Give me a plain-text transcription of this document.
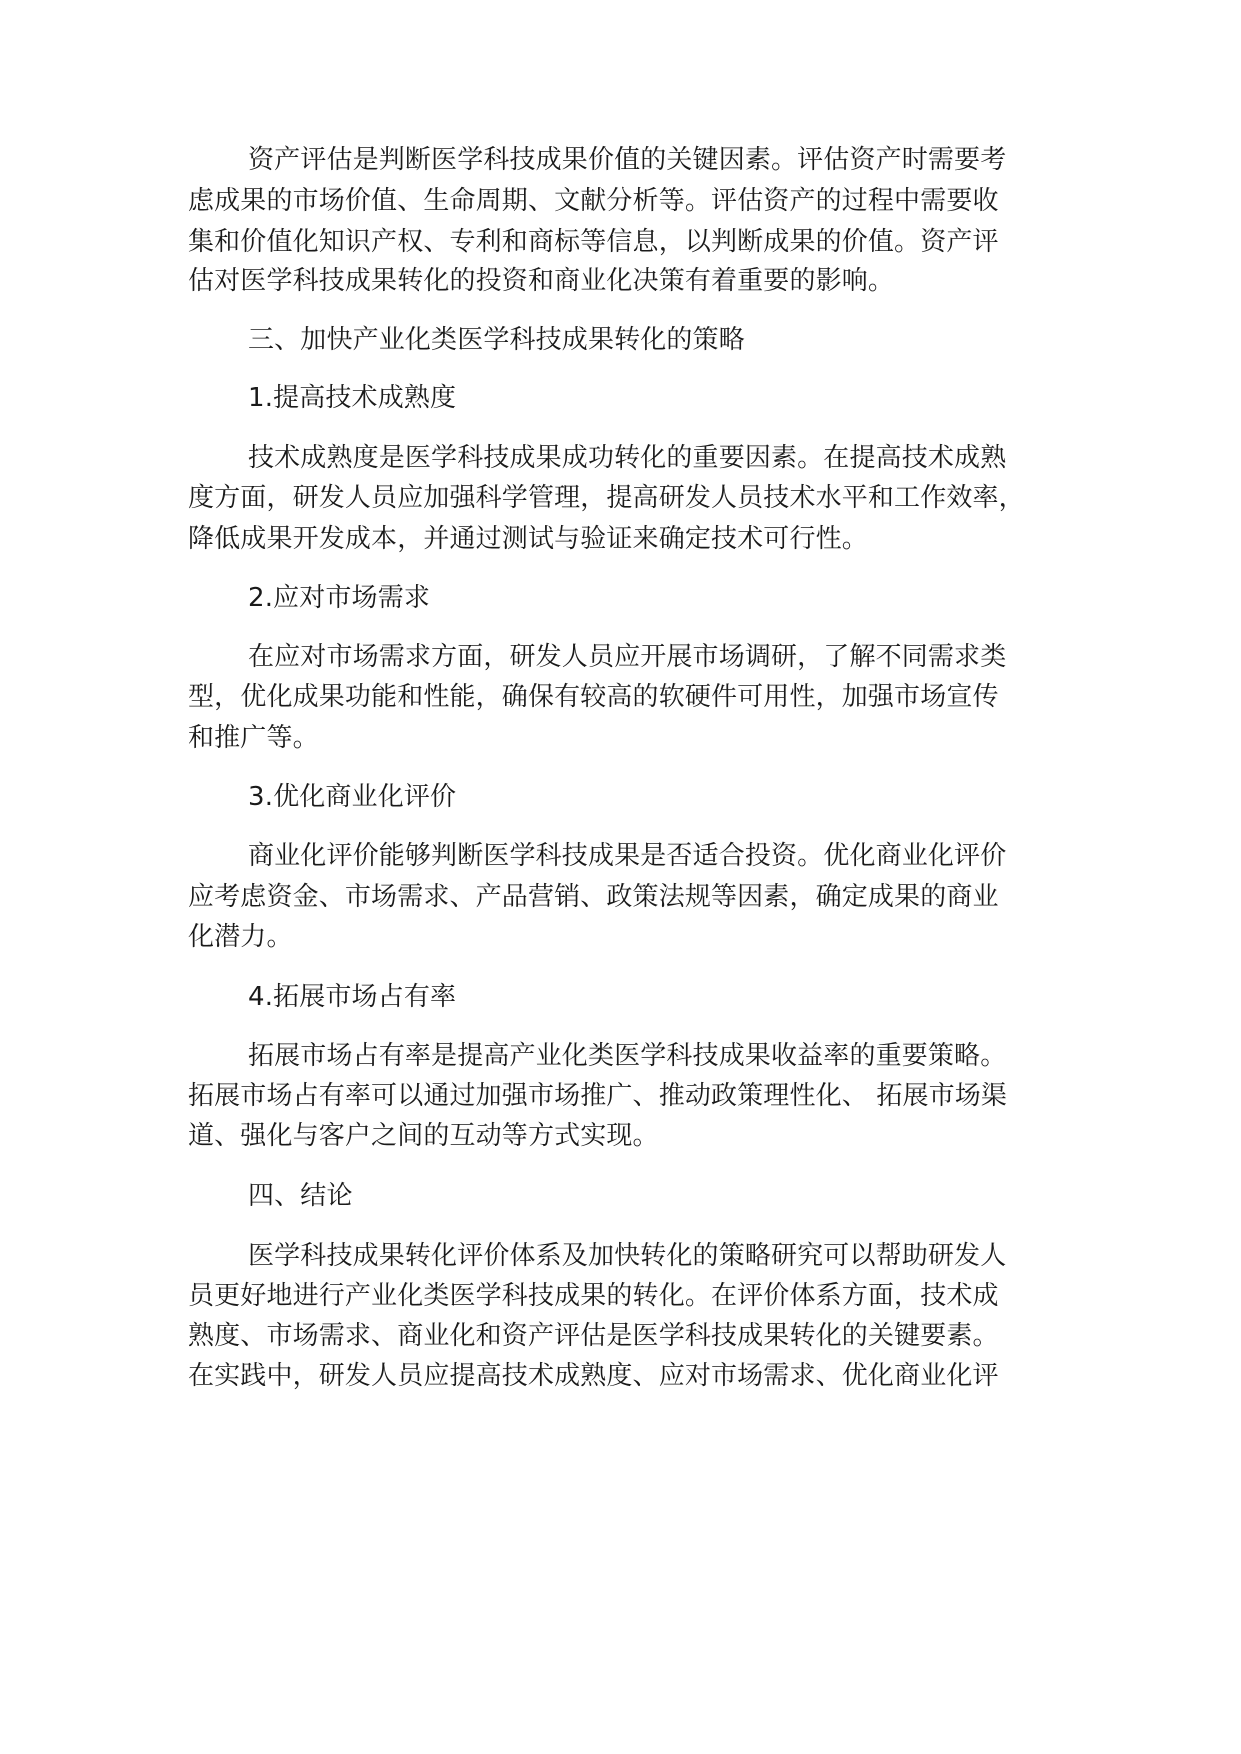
资产评估是判断医学科技成果价值的关键因素。评估资产时需要考
虑成果的市场价值、生命周期、文献分析等。评估资产的过程中需要收
集和价值化知识产权、专利和商标等信息，以判断成果的价值。资产评
估对医学科技成果转化的投资和商业化决策有着重要的影响。
三、加快产业化类医学科技成果转化的策略
1.提高技术成熟度
技术成熟度是医学科技成果成功转化的重要因素。在提高技术成熟
度方面，研发人员应加强科学管理，提高研发人员技术水平和工作效率，
降低成果开发成本，并通过测试与验证来确定技术可行性。
2.应对市场需求
在应对市场需求方面，研发人员应开展市场调研，了解不同需求类
型，优化成果功能和性能，确保有较高的软硬件可用性，加强市场宣传
和推广等。
3.优化商业化评价
商业化评价能够判断医学科技成果是否适合投资。优化商业化评价
应考虑资金、市场需求、产品营销、政策法规等因素，确定成果的商业
化潜力。
4.拓展市场占有率
拓展市场占有率是提高产业化类医学科技成果收益率的重要策略。
拓展市场占有率可以通过加强市场推广、推动政策理性化、 拓展市场渠
道、强化与客户之间的互动等方式实现。
四、结论
医学科技成果转化评价体系及加快转化的策略研究可以帮助研发人
员更好地进行产业化类医学科技成果的转化。在评价体系方面，技术成
熟度、市场需求、商业化和资产评估是医学科技成果转化的关键要素。
在实践中，研发人员应提高技术成熟度、应对市场需求、优化商业化评
